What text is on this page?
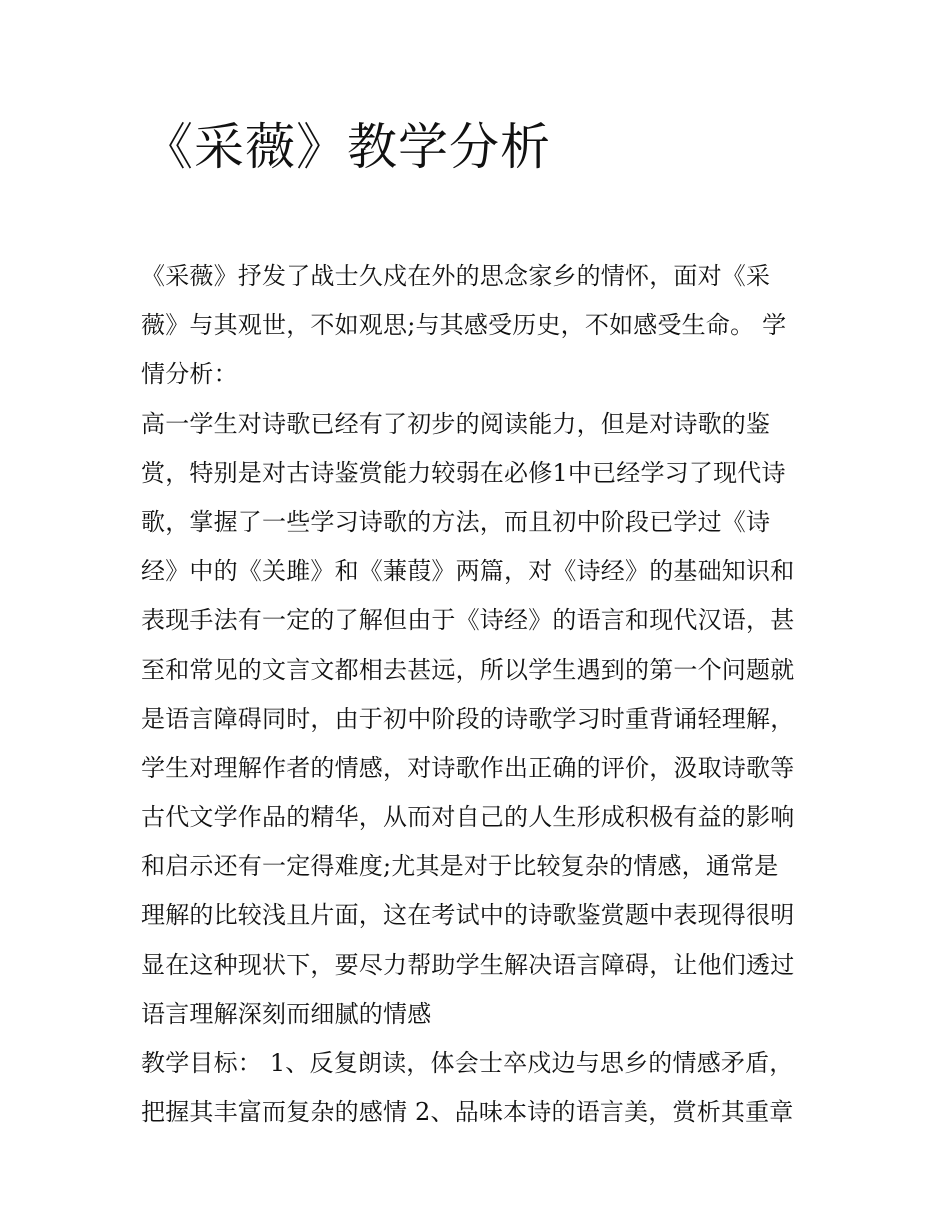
《采薇》教学分析
《采薇》抒发了战士久戍在外的思念家乡的情怀，面对《采
薇》与其观世，不如观思;与其感受历史，不如感受生命。 学
情分析：
高一学生对诗歌已经有了初步的阅读能力，但是对诗歌的鉴
赏，特别是对古诗鉴赏能力较弱在必修1中已经学习了现代诗
歌，掌握了一些学习诗歌的方法，而且初中阶段已学过《诗
经》中的《关雎》和《蒹葭》两篇，对《诗经》的基础知识和
表现手法有一定的了解但由于《诗经》的语言和现代汉语，甚
至和常见的文言文都相去甚远，所以学生遇到的第一个问题就
是语言障碍同时，由于初中阶段的诗歌学习时重背诵轻理解，
学生对理解作者的情感，对诗歌作出正确的评价，汲取诗歌等
古代文学作品的精华，从而对自己的人生形成积极有益的影响
和启示还有一定得难度;尤其是对于比较复杂的情感，通常是
理解的比较浅且片面，这在考试中的诗歌鉴赏题中表现得很明
显在这种现状下，要尽力帮助学生解决语言障碍，让他们透过
语言理解深刻而细腻的情感
教学目标： 1、反复朗读，体会士卒戍边与思乡的情感矛盾，
把握其丰富而复杂的感情 2、品味本诗的语言美，赏析其重章
